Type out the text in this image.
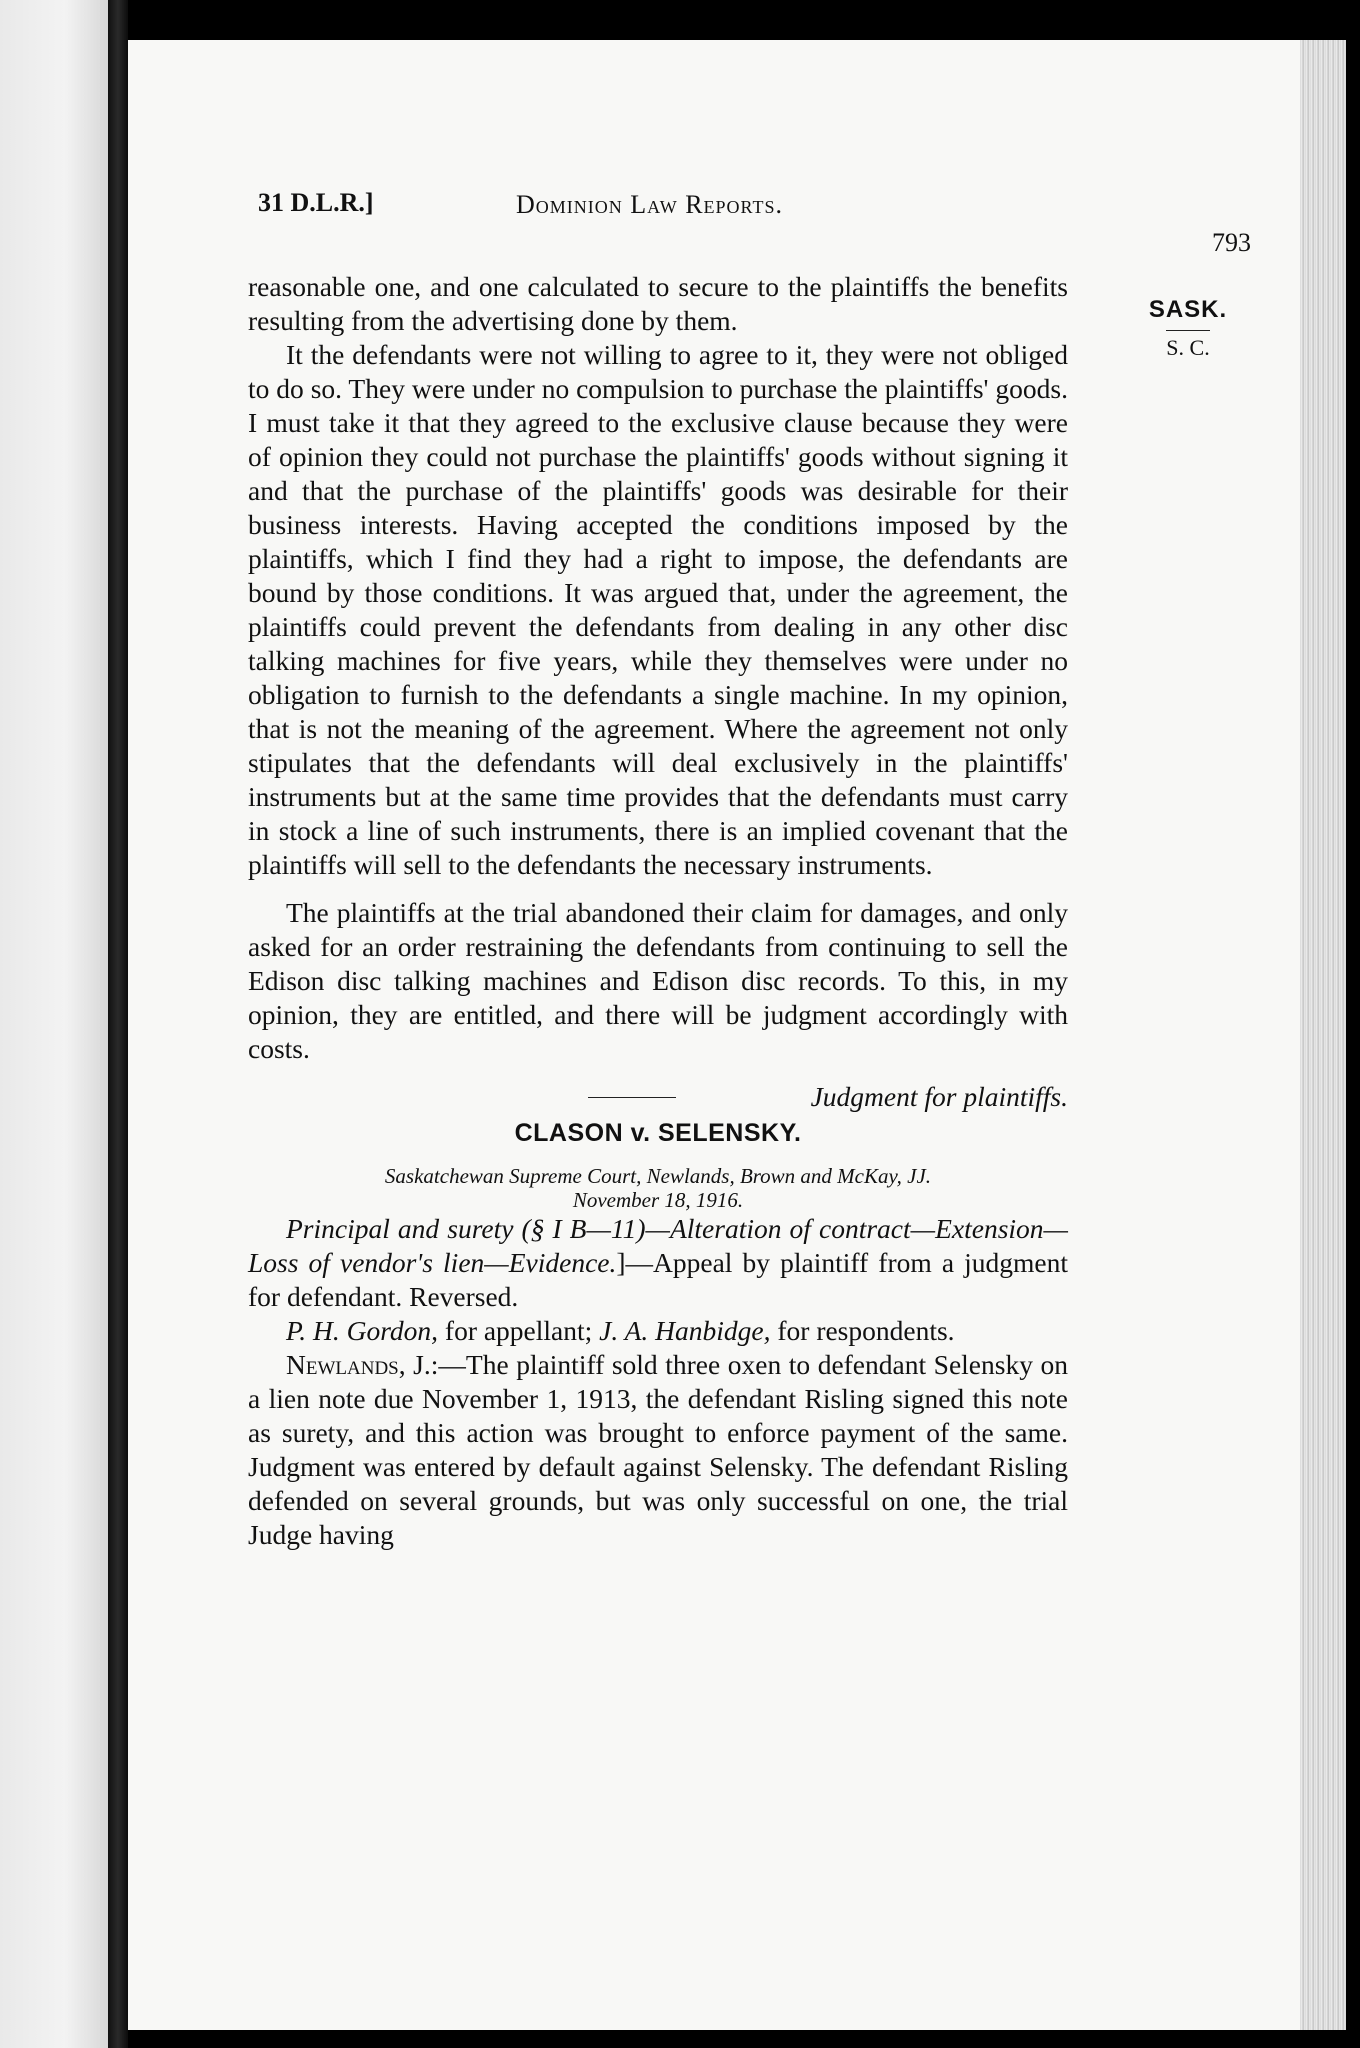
31 D.L.R.]	Dominion Law Reports.
793
SASK.
S. C.

reasonable one, and one calculated to secure to the plaintiffs the benefits resulting from the advertising done by them.

It the defendants were not willing to agree to it, they were not obliged to do so. They were under no compulsion to purchase the plaintiffs' goods. I must take it that they agreed to the exclusive clause because they were of opinion they could not purchase the plaintiffs' goods without signing it and that the purchase of the plaintiffs' goods was desirable for their business interests. Having accepted the conditions imposed by the plaintiffs, which I find they had a right to impose, the defendants are bound by those conditions. It was argued that, under the agreement, the plaintiffs could prevent the defendants from dealing in any other disc talking machines for five years, while they themselves were under no obligation to furnish to the defendants a single machine. In my opinion, that is not the meaning of the agreement. Where the agreement not only stipulates that the defendants will deal exclusively in the plaintiffs' instruments but at the same time provides that the defendants must carry in stock a line of such instruments, there is an implied covenant that the plaintiffs will sell to the defendants the necessary instruments.

The plaintiffs at the trial abandoned their claim for damages, and only asked for an order restraining the defendants from continuing to sell the Edison disc talking machines and Edison disc records. To this, in my opinion, they are entitled, and there will be judgment accordingly with costs.

Judgment for plaintiffs.
CLASON v. SELENSKY.
Saskatchewan Supreme Court, Newlands, Brown and McKay, JJ.
November 18, 1916.

Principal and surety (§ I B—11)—Alteration of contract—Extension—Loss of vendor's lien—Evidence.]—Appeal by plaintiff from a judgment for defendant. Reversed.

P. H. Gordon, for appellant; J. A. Hanbidge, for respondents.

Newlands, J.:—The plaintiff sold three oxen to defendant Selensky on a lien note due November 1, 1913, the defendant Risling signed this note as surety, and this action was brought to enforce payment of the same. Judgment was entered by default against Selensky. The defendant Risling defended on several grounds, but was only successful on one, the trial Judge having
